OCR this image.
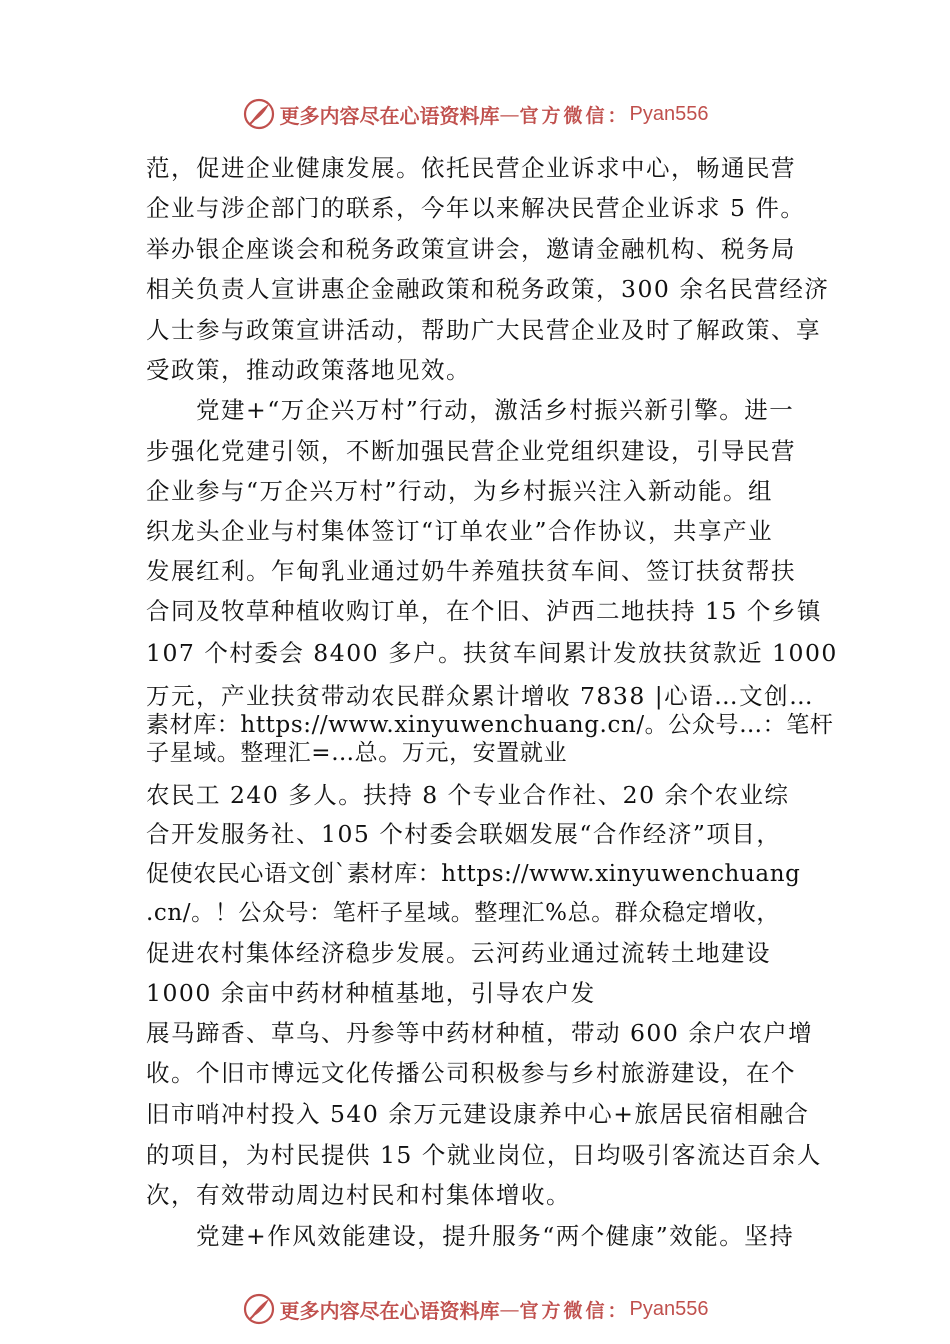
更多内容尽在心语资料库 — 官方微信： Pyan556
范，促进企业健康发展。依托民营企业诉求中心，畅通民营
企业与涉企部门的联系，今年以来解决民营企业诉求 5 件。
举办银企座谈会和税务政策宣讲会，邀请金融机构、税务局
相关负责人宣讲惠企金融政策和税务政策，300 余名民营经济
人士参与政策宣讲活动，帮助广大民营企业及时了解政策、享
受政策，推动政策落地见效。
党建+“万企兴万村”行动，激活乡村振兴新引擎。进一
步强化党建引领，不断加强民营企业党组织建设，引导民营
企业参与“万企兴万村”行动，为乡村振兴注入新动能。组
织龙头企业与村集体签订“订单农业”合作协议，共享产业
发展红利。乍甸乳业通过奶牛养殖扶贫车间、签订扶贫帮扶
合同及牧草种植收购订单，在个旧、泸西二地扶持 15 个乡镇
107 个村委会 8400 多户。扶贫车间累计发放扶贫款近 1000
万元，产业扶贫带动农民群众累计增收 7838 |心语…文创…
素材库：https://www.xinyuwenchuang.cn/。公众号…：笔杆
子星域。整理汇=…总。万元，安置就业
农民工 240 多人。扶持 8 个专业合作社、20 余个农业综
合开发服务社、105 个村委会联姻发展“合作经济”项目，
促使农民心语文创`素材库：https://www.xinyuwenchuang
.cn/。！公众号：笔杆子星域。整理汇%总。群众稳定增收，
促进农村集体经济稳步发展。云河药业通过流转土地建设
1000 余亩中药材种植基地，引导农户发
展马蹄香、草乌、丹参等中药材种植，带动 600 余户农户增
收。个旧市博远文化传播公司积极参与乡村旅游建设，在个
旧市哨冲村投入 540 余万元建设康养中心+旅居民宿相融合
的项目，为村民提供 15 个就业岗位，日均吸引客流达百余人
次，有效带动周边村民和村集体增收。
党建+作风效能建设，提升服务“两个健康”效能。坚持
更多内容尽在心语资料库 — 官方微信： Pyan556
